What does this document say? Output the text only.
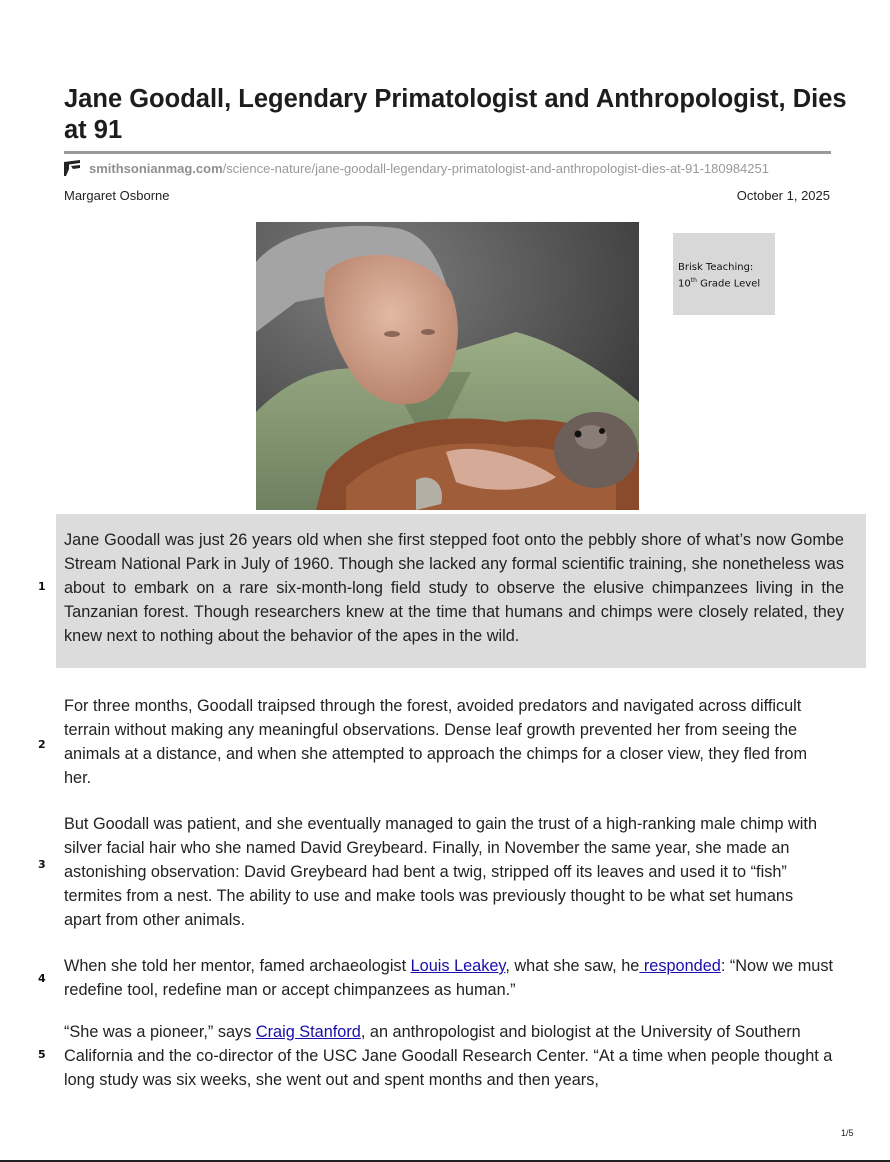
Jane Goodall, Legendary Primatologist and Anthropologist, Dies at 91
smithsonianmag.com/science-nature/jane-goodall-legendary-primatologist-and-anthropologist-dies-at-91-180984251
Margaret Osborne	October 1, 2025
Brisk Teaching:
10th Grade Level
1

Jane Goodall was just 26 years old when she first stepped foot onto the pebbly shore of what’s now Gombe Stream National Park in July of 1960. Though she lacked any formal scientific training, she nonetheless was about to embark on a rare six-month-long field study to observe the elusive chimpanzees living in the Tanzanian forest. Though researchers knew at the time that humans and chimps were closely related, they knew next to nothing about the behavior of the apes in the wild.

2

For three months, Goodall traipsed through the forest, avoided predators and navigated across difficult terrain without making any meaningful observations. Dense leaf growth prevented her from seeing the animals at a distance, and when she attempted to approach the chimps for a closer view, they fled from her.

3

But Goodall was patient, and she eventually managed to gain the trust of a high-ranking male chimp with silver facial hair who she named David Greybeard. Finally, in November the same year, she made an astonishing observation: David Greybeard had bent a twig, stripped off its leaves and used it to “fish” termites from a nest. The ability to use and make tools was previously thought to be what set humans apart from other animals.

4

When she told her mentor, famed archaeologist Louis Leakey, what she saw, he responded: “Now we must redefine tool, redefine man or accept chimpanzees as human.”

5

“She was a pioneer,” says Craig Stanford, an anthropologist and biologist at the University of Southern California and the co-director of the USC Jane Goodall Research Center. “At a time when people thought a long study was six weeks, she went out and spent months and then years,

1/5
